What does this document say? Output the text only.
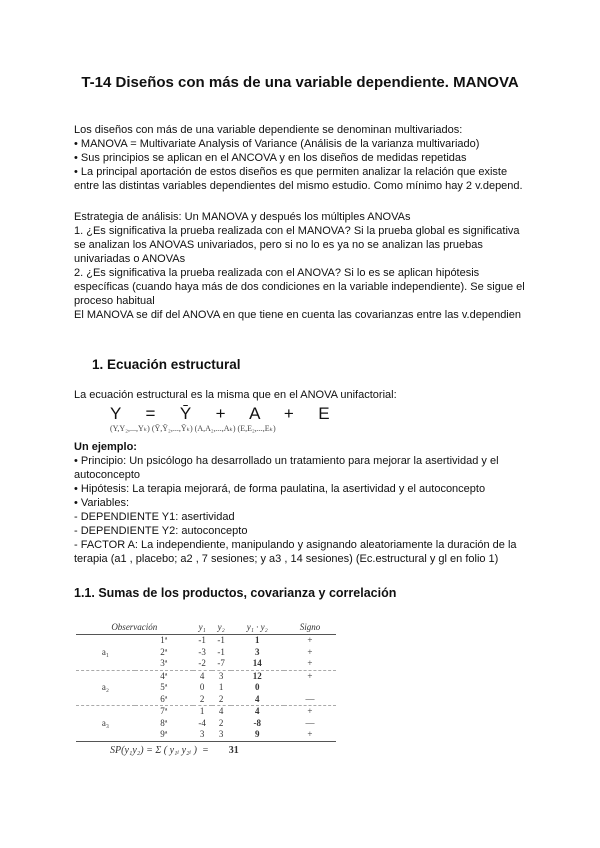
T-14 Diseños con más de una variable dependiente. MANOVA
Los diseños con más de una variable dependiente se denominan multivariados:
• MANOVA = Multivariate Analysis of Variance (Análisis de la varianza multivariado)
• Sus principios se aplican en el ANCOVA y en los diseños de medidas repetidas
• La principal aportación de estos diseños es que permiten analizar la relación que existe
entre las distintas variables dependientes del mismo estudio. Como mínimo hay 2 v.depend.
Estrategia de análisis: Un MANOVA y después los múltiples ANOVAs
1. ¿Es significativa la prueba realizada con el MANOVA? Si la prueba global es significativa
se analizan los ANOVAS univariados, pero si no lo es ya no se analizan las pruebas
univariadas o ANOVAs
2. ¿Es significativa la prueba realizada con el ANOVA? Si lo es se aplican hipótesis
específicas (cuando haya más de dos condiciones en la variable independiente). Se sigue el
proceso habitual
El MANOVA se dif del ANOVA en que tiene en cuenta las covarianzas entre las v.dependien
1. Ecuación estructural
La ecuación estructural es la misma que en el ANOVA unifactorial:
Y  =  Ȳ  +  A  +  E
(Y,Y₂,...,Yₖ) (Ȳ,Ȳ₂,...,Ȳₖ) (A,A₂,...,Aₖ) (E,E₂,...,Eₖ)
Un ejemplo:
• Principio: Un psicólogo ha desarrollado un tratamiento para mejorar la asertividad y el
autoconcepto
• Hipótesis: La terapia mejorará, de forma paulatina, la asertividad y el autoconcepto
• Variables:
- DEPENDIENTE Y1: asertividad
- DEPENDIENTE Y2: autoconcepto
- FACTOR A: La independiente, manipulando y asignando aleatoriamente la duración de la
terapia (a1 , placebo; a2 , 7 sesiones; y a3 , 14 sesiones) (Ec.estructural y gl en folio 1)
1.1. Sumas de los productos, covarianza y correlación
Observación		y₁	y₂	y₁ · y₂	Signo
	1ª	-1	-1	1	+
a₁	2ª	-3	-1	3	+
	3ª	-2	-7	14	+
	4ª	4	3	12	+
a₂	5ª	0	1	0	
	6ª	2	2	4	—
	7ª	1	4	4	+
a₃	8ª	-4	2	-8	—
	9ª	3	3	9	+
SP(y₁y₂) = Σ ( y₁ᵢ y₂ᵢ )  = 31
